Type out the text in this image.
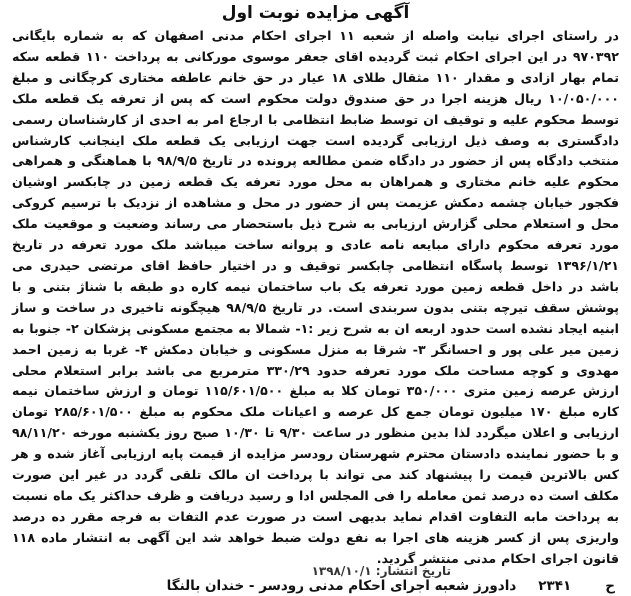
آگهی مزایده نوبت اول

در راستای اجرای نیابت واصله از شعبه ۱۱ اجرای احکام مدنی اصفهان که به شماره بایگانی ۹۷۰۳۹۲ در این اجرای احکام ثبت گردیده اقای جعفر موسوی مورکانی به پرداخت ۱۱۰ قطعه سکه تمام بهار ازادی و مقدار ۱۱۰ مثقال طلای ۱۸ عیار در حق خانم عاطفه مختاری کرچگانی و مبلغ ۱۰/۰۵۰/۰۰۰ ریال هزینه اجرا در حق صندوق دولت محکوم است که پس از تعرفه یک قطعه ملک توسط محکوم علیه و توقیف ان توسط ضابط انتظامی با ارجاع امر به احدی از کارشناسان رسمی دادگستری به وصف ذیل ارزیابی گردیده است جهت ارزیابی یک قطعه ملک اینجانب کارشناس منتخب دادگاه پس از حضور در دادگاه ضمن مطالعه پرونده در تاریخ ۹۸/۹/۵ با هماهنگی و همراهی محکوم علیه خانم مختاری و همراهان به محل مورد تعرفه یک قطعه زمین در چابکسر اوشیان فکجور خیابان چشمه دمکش عزیمت پس از حضور در محل و مشاهده از نزدیک با ترسیم کروکی محل و استعلام محلی گزارش ارزیابی به شرح ذیل باستحضار می رساند وضعیت و موقعیت ملک مورد تعرفه محکوم دارای مبایعه نامه عادی و پروانه ساخت میباشد ملک مورد تعرفه در تاریخ ۱۳۹۶/۱/۲۱ توسط پاسگاه انتظامی چابکسر توقیف و در اختیار حافظ اقای مرتضی حیدری می باشد در داخل قطعه زمین مورد تعرفه یک باب ساختمان نیمه کاره دو طبقه با شناژ بتنی و با پوشش سقف تیرچه بتنی بدون سربندی است. در تاریخ ۹۸/۹/۵ هیچگونه تاخیری در ساخت و ساز ابنیه ایجاد نشده است حدود اربعه ان به شرح زیر :۱- شمالا به مجتمع مسکونی پزشکان ۲- جنوبا به زمین میر علی پور و احسانگر ۳- شرقا به منزل مسکونی و خیابان دمکش ۴- غربا به زمین احمد مهدوی و کوچه مساحت ملک مورد تعرفه حدود ۳۳۰/۲۹ مترمربع می باشد برابر استعلام محلی ارزش عرصه زمین متری ۳۵۰/۰۰۰ تومان کلا به مبلغ ۱۱۵/۶۰۱/۵۰۰ تومان و ارزش ساختمان نیمه کاره مبلغ ۱۷۰ میلیون تومان جمع کل عرصه و اعیانات ملک محکوم به مبلغ ۲۸۵/۶۰۱/۵۰۰ تومان ارزیابی و اعلان میگردد لذا بدین منظور در ساعت ۹/۳۰ تا ۱۰/۳۰ صبح روز یکشنبه مورخه ۹۸/۱۱/۲۰ و با حضور نماینده دادستان محترم شهرستان رودسر مزایده از قیمت پایه ارزیابی آغاز شده و هر کس بالاترین قیمت را پیشنهاد کند می تواند با پرداخت ان مالک تلقی گردد در غیر این صورت مکلف است ده درصد ثمن معامله را فی المجلس ادا و رسید دریافت و ظرف حداکثر یک ماه نسبت به پرداخت مابه التفاوت اقدام نماید بدیهی است در صورت عدم التفات به فرجه مقرر ده درصد واریزی پس از کسر هزینه های اجرا به نفع دولت ضبط خواهد شد این آگهی به انتشار ماده ۱۱۸ قانون اجرای احکام مدنی منتشر گردید.

ح
۲۳۴۱
دادورز شعبه اجرای احکام مدنی رودسر - خندان بالنگا
تاریخ انتشار: ۱۳۹۸/۱۰/۱
